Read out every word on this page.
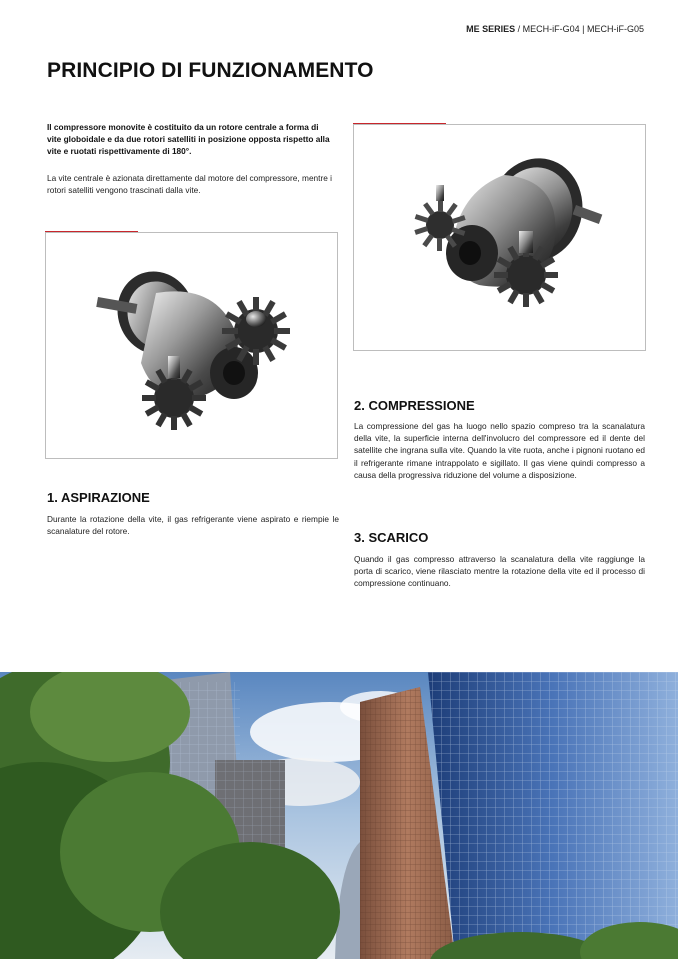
ME SERIES / MECH-iF-G04 | MECH-iF-G05
PRINCIPIO DI FUNZIONAMENTO
Il compressore monovite è costituito da un rotore centrale a forma di vite globoidale e da due rotori satelliti in posizione opposta rispetto alla vite e ruotati rispettivamente di 180°.
La vite centrale è azionata direttamente dal motore del compressore, mentre i rotori satelliti vengono trascinati dalla vite.
1. ASPIRAZIONE
Durante la rotazione della vite, il gas refrigerante viene aspirato e riempie le scanalature del rotore.
2. COMPRESSIONE
La compressione del gas ha luogo nello spazio compreso tra la scanalatura della vite, la superficie interna dell'involucro del compressore ed il dente del satellite che ingrana sulla vite. Quando la vite ruota, anche i pignoni ruotano ed il refrigerante rimane intrappolato e sigillato. Il gas viene quindi compresso a causa della progressiva riduzione del volume a disposizione.
3. SCARICO
Quando il gas compresso attraverso la scanalatura della vite raggiunge la porta di scarico, viene rilasciato mentre la rotazione della vite ed il processo di compressione continuano.
